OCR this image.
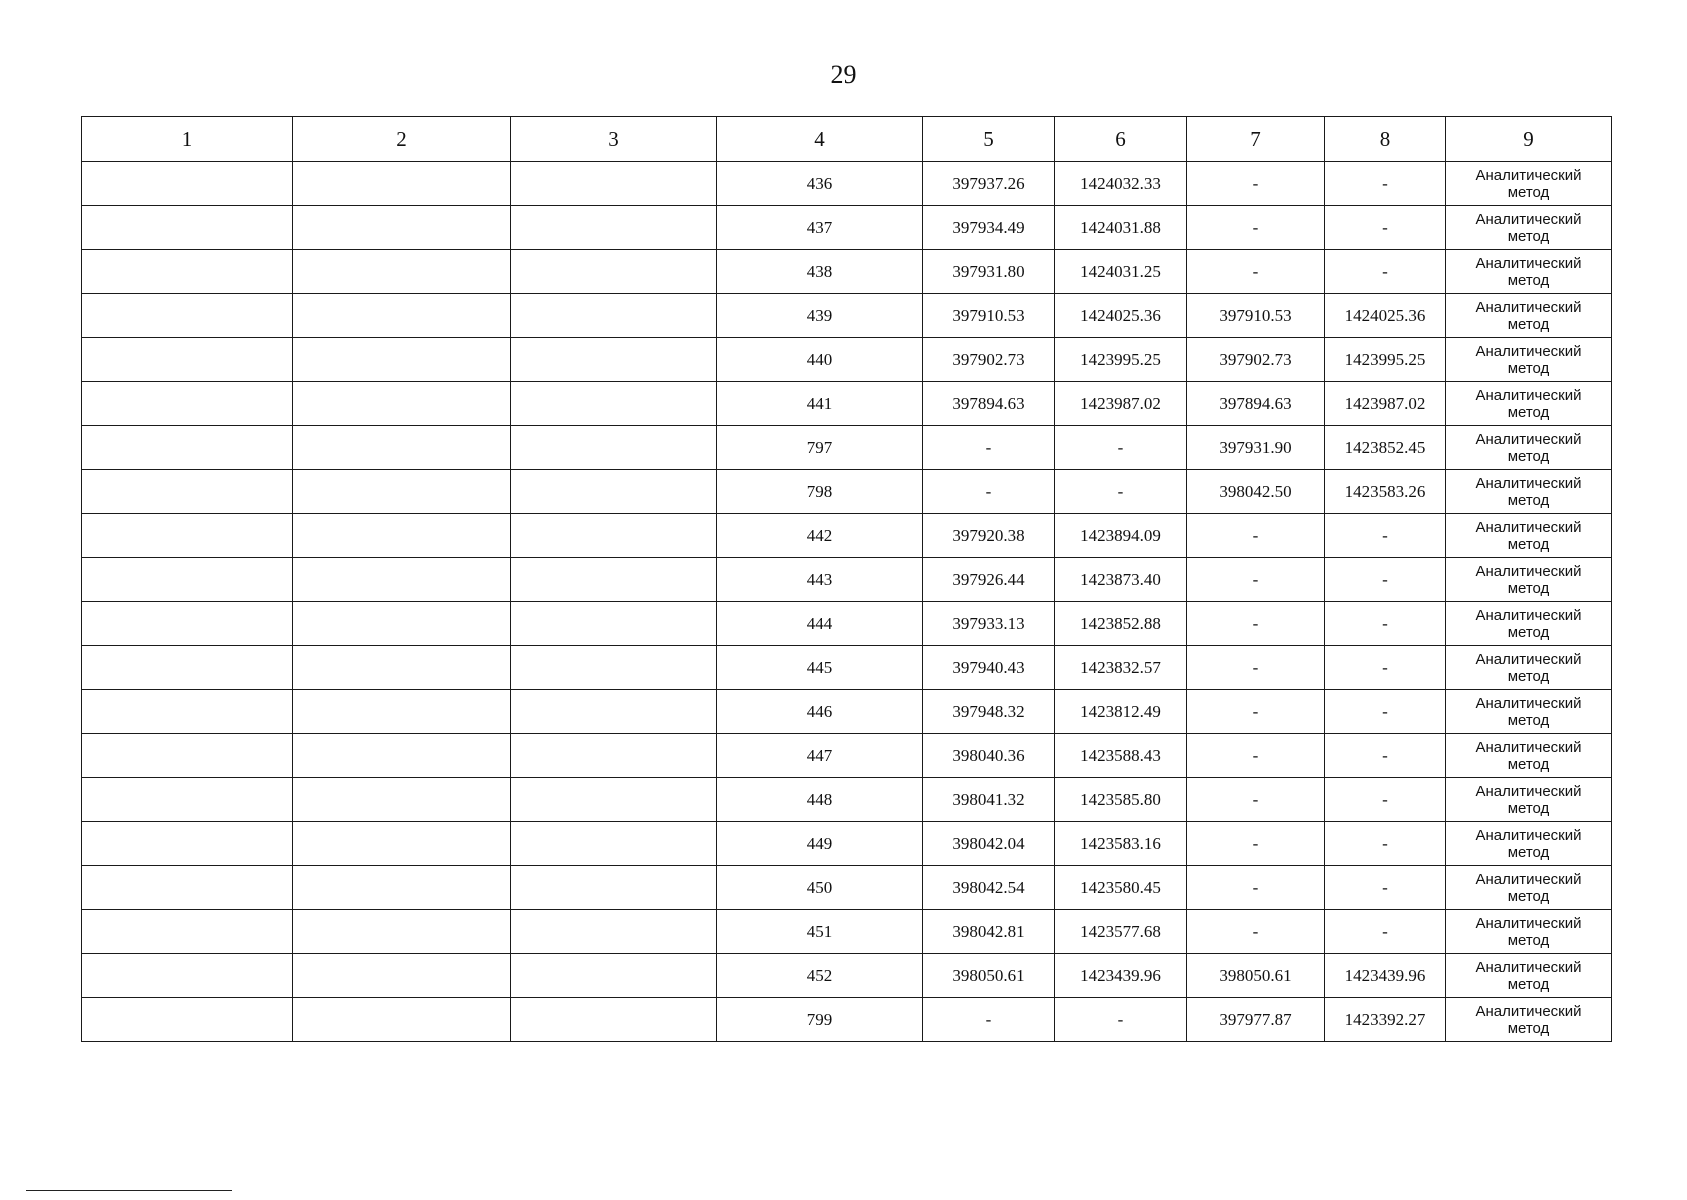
29
1	2	3	4	5	6	7	8	9
			436	397937.26	1424032.33	-	-	Аналитический
метод

			437	397934.49	1424031.88	-	-	Аналитический
метод

			438	397931.80	1424031.25	-	-	Аналитический
метод

			439	397910.53	1424025.36	397910.53	1424025.36	Аналитический
метод

			440	397902.73	1423995.25	397902.73	1423995.25	Аналитический
метод

			441	397894.63	1423987.02	397894.63	1423987.02	Аналитический
метод

			797	-	-	397931.90	1423852.45	Аналитический
метод

			798	-	-	398042.50	1423583.26	Аналитический
метод

			442	397920.38	1423894.09	-	-	Аналитический
метод

			443	397926.44	1423873.40	-	-	Аналитический
метод

			444	397933.13	1423852.88	-	-	Аналитический
метод

			445	397940.43	1423832.57	-	-	Аналитический
метод

			446	397948.32	1423812.49	-	-	Аналитический
метод

			447	398040.36	1423588.43	-	-	Аналитический
метод

			448	398041.32	1423585.80	-	-	Аналитический
метод

			449	398042.04	1423583.16	-	-	Аналитический
метод

			450	398042.54	1423580.45	-	-	Аналитический
метод

			451	398042.81	1423577.68	-	-	Аналитический
метод

			452	398050.61	1423439.96	398050.61	1423439.96	Аналитический
метод

			799	-	-	397977.87	1423392.27	Аналитический
метод
